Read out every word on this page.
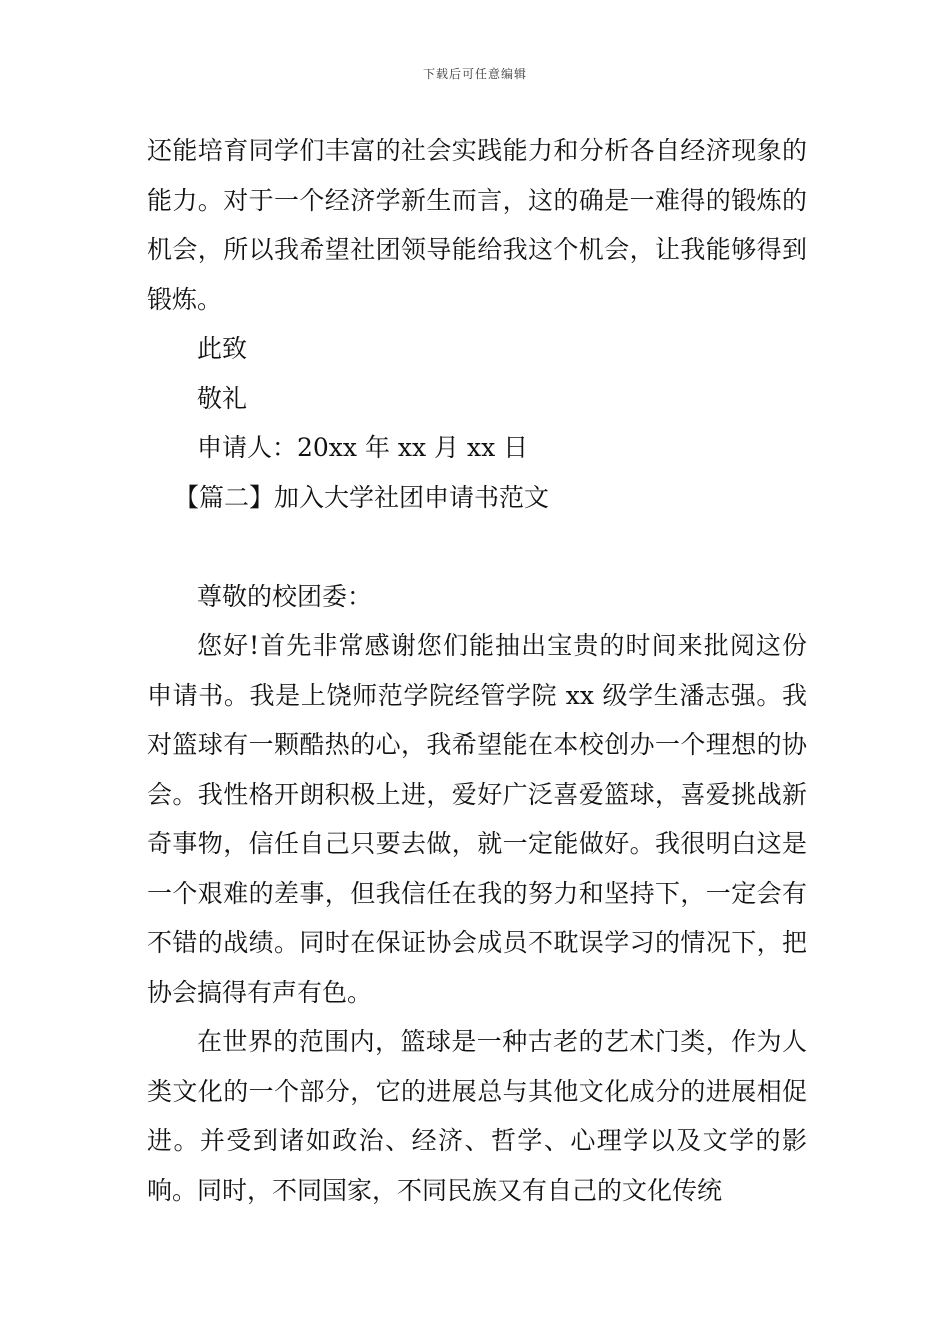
下载后可任意编辑

还能培育同学们丰富的社会实践能力和分析各自经济现象的能力。对于一个经济学新生而言，这的确是一难得的锻炼的机会，所以我希望社团领导能给我这个机会，让我能够得到锻炼。

此致

敬礼

申请人：20xx 年 xx 月 xx 日

【篇二】加入大学社团申请书范文

尊敬的校团委：

您好!首先非常感谢您们能抽出宝贵的时间来批阅这份申请书。我是上饶师范学院经管学院 xx 级学生潘志强。我对篮球有一颗酷热的心，我希望能在本校创办一个理想的协会。我性格开朗积极上进，爱好广泛喜爱篮球，喜爱挑战新奇事物，信任自己只要去做，就一定能做好。我很明白这是一个艰难的差事，但我信任在我的努力和坚持下，一定会有不错的战绩。同时在保证协会成员不耽误学习的情况下，把协会搞得有声有色。

在世界的范围内，篮球是一种古老的艺术门类，作为人类文化的一个部分，它的进展总与其他文化成分的进展相促进。并受到诸如政治、经济、哲学、心理学以及文学的影响。同时，不同国家，不同民族又有自己的文化传统
